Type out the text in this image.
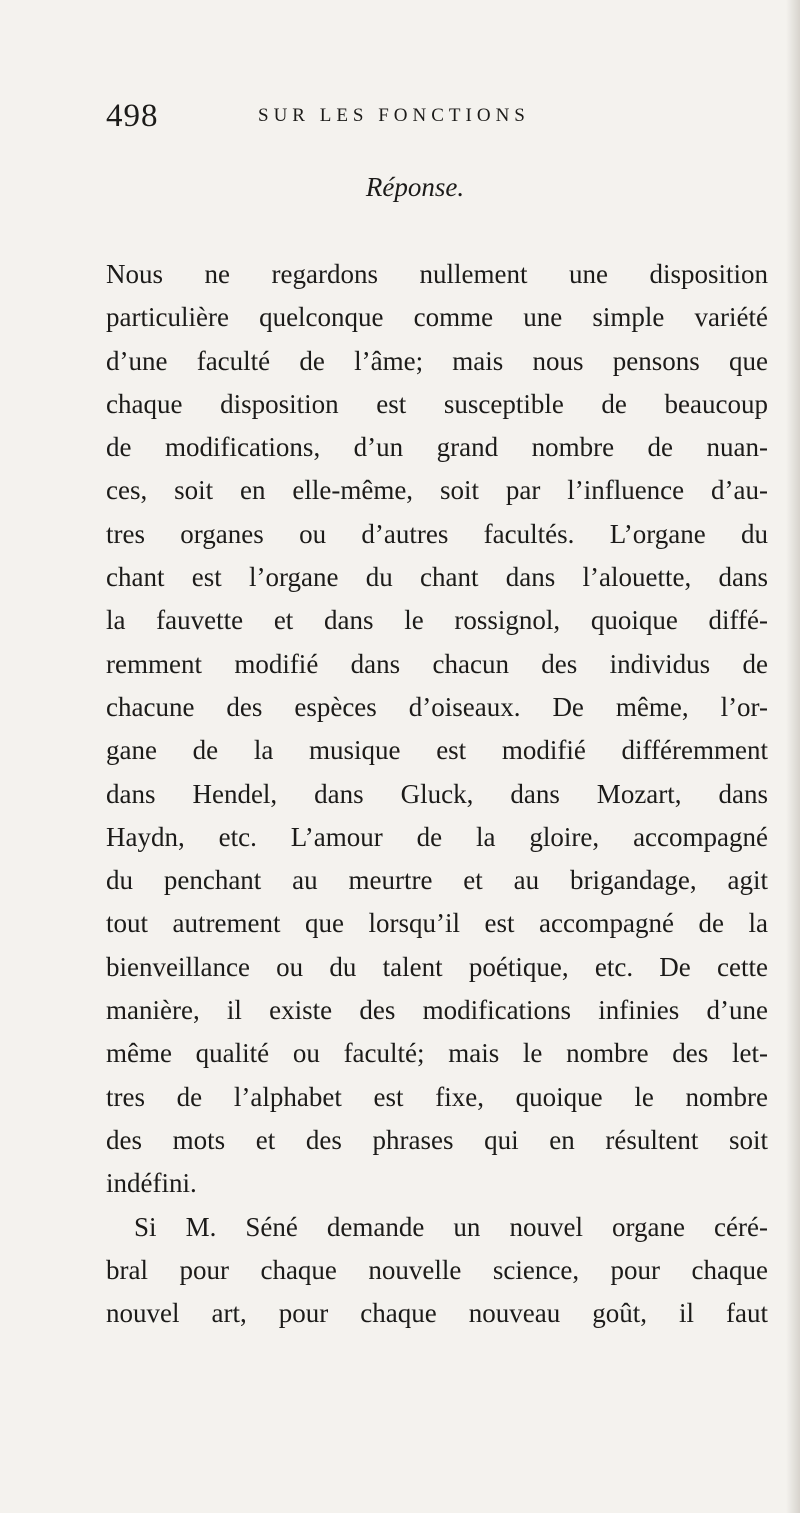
498	SUR LES FONCTIONS
Réponse.
Nous ne regardons nullement une disposition
particulière quelconque comme une simple variété
d’une faculté de l’âme; mais nous pensons que
chaque disposition est susceptible de beaucoup
de modifications, d’un grand nombre de nuan-
ces, soit en elle-même, soit par l’influence d’au-
tres organes ou d’autres facultés. L’organe du
chant est l’organe du chant dans l’alouette, dans
la fauvette et dans le rossignol, quoique diffé-
remment modifié dans chacun des individus de
chacune des espèces d’oiseaux. De même, l’or-
gane de la musique est modifié différemment
dans Hendel, dans Gluck, dans Mozart, dans
Haydn, etc. L’amour de la gloire, accompagné
du penchant au meurtre et au brigandage, agit
tout autrement que lorsqu’il est accompagné de la
bienveillance ou du talent poétique, etc. De cette
manière, il existe des modifications infinies d’une
même qualité ou faculté; mais le nombre des let-
tres de l’alphabet est fixe, quoique le nombre
des mots et des phrases qui en résultent soit
indéfini.
Si M. Séné demande un nouvel organe céré-
bral pour chaque nouvelle science, pour chaque
nouvel art, pour chaque nouveau goût, il faut
